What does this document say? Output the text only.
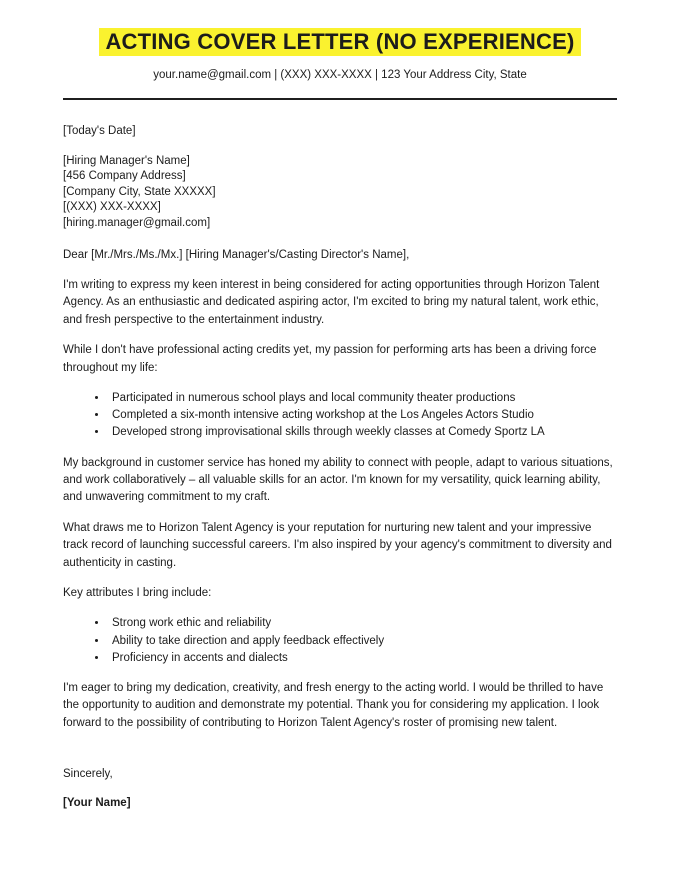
ACTING COVER LETTER (NO EXPERIENCE)
your.name@gmail.com | (XXX) XXX-XXXX | 123 Your Address City, State
[Today's Date]
[Hiring Manager's Name]
[456 Company Address]
[Company City, State XXXXX]
[(XXX) XXX-XXXX]
[hiring.manager@gmail.com]
Dear [Mr./Mrs./Ms./Mx.] [Hiring Manager's/Casting Director's Name],

I'm writing to express my keen interest in being considered for acting opportunities through Horizon Talent Agency. As an enthusiastic and dedicated aspiring actor, I'm excited to bring my natural talent, work ethic, and fresh perspective to the entertainment industry.

While I don't have professional acting credits yet, my passion for performing arts has been a driving force throughout my life:

• Participated in numerous school plays and local community theater productions
• Completed a six-month intensive acting workshop at the Los Angeles Actors Studio
• Developed strong improvisational skills through weekly classes at Comedy Sportz LA

My background in customer service has honed my ability to connect with people, adapt to various situations, and work collaboratively – all valuable skills for an actor. I'm known for my versatility, quick learning ability, and unwavering commitment to my craft.

What draws me to Horizon Talent Agency is your reputation for nurturing new talent and your impressive track record of launching successful careers. I'm also inspired by your agency's commitment to diversity and authenticity in casting.

Key attributes I bring include:

• Strong work ethic and reliability
• Ability to take direction and apply feedback effectively
• Proficiency in accents and dialects

I'm eager to bring my dedication, creativity, and fresh energy to the acting world. I would be thrilled to have the opportunity to audition and demonstrate my potential. Thank you for considering my application. I look forward to the possibility of contributing to Horizon Talent Agency's roster of promising new talent.

Sincerely,
[Your Name]
